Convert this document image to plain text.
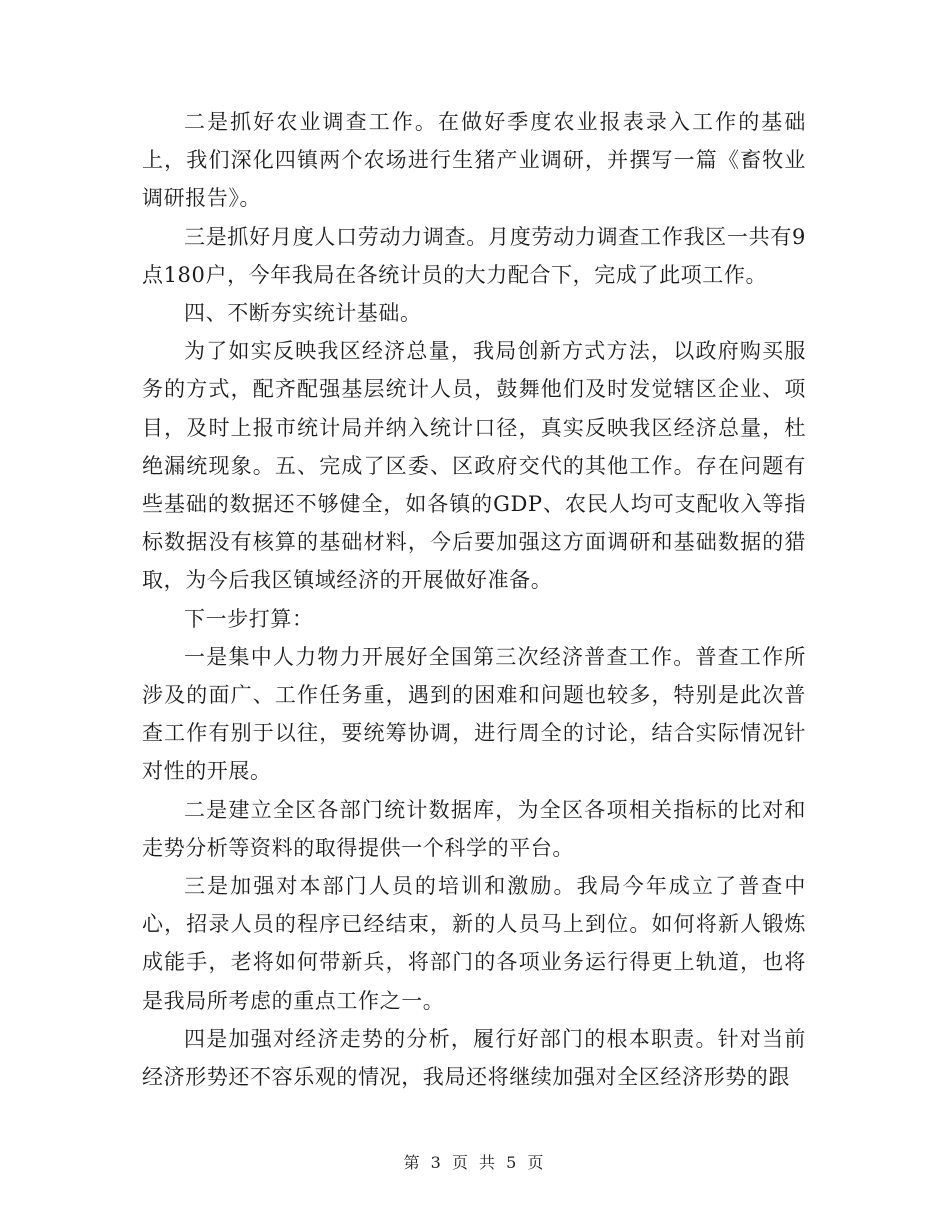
二是抓好农业调查工作。在做好季度农业报表录入工作的基础上，我们深化四镇两个农场进行生猪产业调研，并撰写一篇《畜牧业调研报告》。

三是抓好月度人口劳动力调查。月度劳动力调查工作我区一共有9点180户，今年我局在各统计员的大力配合下，完成了此项工作。

四、不断夯实统计基础。

为了如实反映我区经济总量，我局创新方式方法，以政府购买服务的方式，配齐配强基层统计人员，鼓舞他们及时发觉辖区企业、项目，及时上报市统计局并纳入统计口径，真实反映我区经济总量，杜绝漏统现象。五、完成了区委、区政府交代的其他工作。存在问题有些基础的数据还不够健全，如各镇的GDP、农民人均可支配收入等指标数据没有核算的基础材料，今后要加强这方面调研和基础数据的猎取，为今后我区镇域经济的开展做好准备。

下一步打算：

一是集中人力物力开展好全国第三次经济普查工作。普查工作所涉及的面广、工作任务重，遇到的困难和问题也较多，特别是此次普查工作有别于以往，要统筹协调，进行周全的讨论，结合实际情况针对性的开展。

二是建立全区各部门统计数据库，为全区各项相关指标的比对和走势分析等资料的取得提供一个科学的平台。

三是加强对本部门人员的培训和激励。我局今年成立了普查中心，招录人员的程序已经结束，新的人员马上到位。如何将新人锻炼成能手，老将如何带新兵，将部门的各项业务运行得更上轨道，也将是我局所考虑的重点工作之一。

四是加强对经济走势的分析，履行好部门的根本职责。针对当前经济形势还不容乐观的情况，我局还将继续加强对全区经济形势的跟

第 3 页 共 5 页
